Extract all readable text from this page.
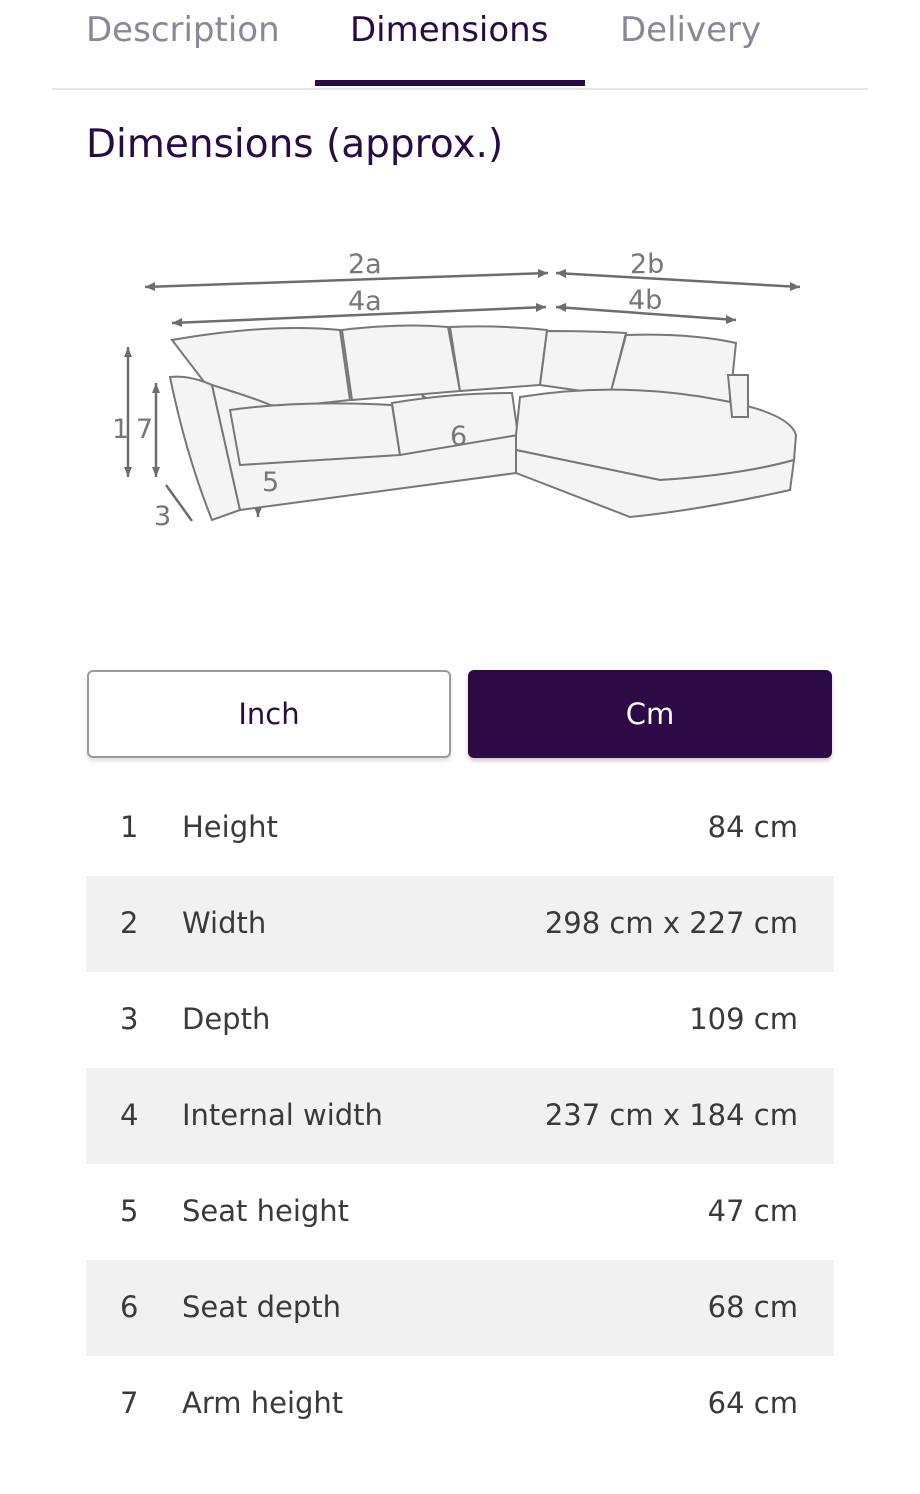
Description Dimensions Delivery
Dimensions (approx.)
2a	2b
4a	4b
1 7
3
5
6
Inch	Cm
1 Height	84 cm
2 Width	298 cm x 227 cm
3 Depth	109 cm
4 Internal width	237 cm x 184 cm
5 Seat height	47 cm
6 Seat depth	68 cm
7 Arm height	64 cm
